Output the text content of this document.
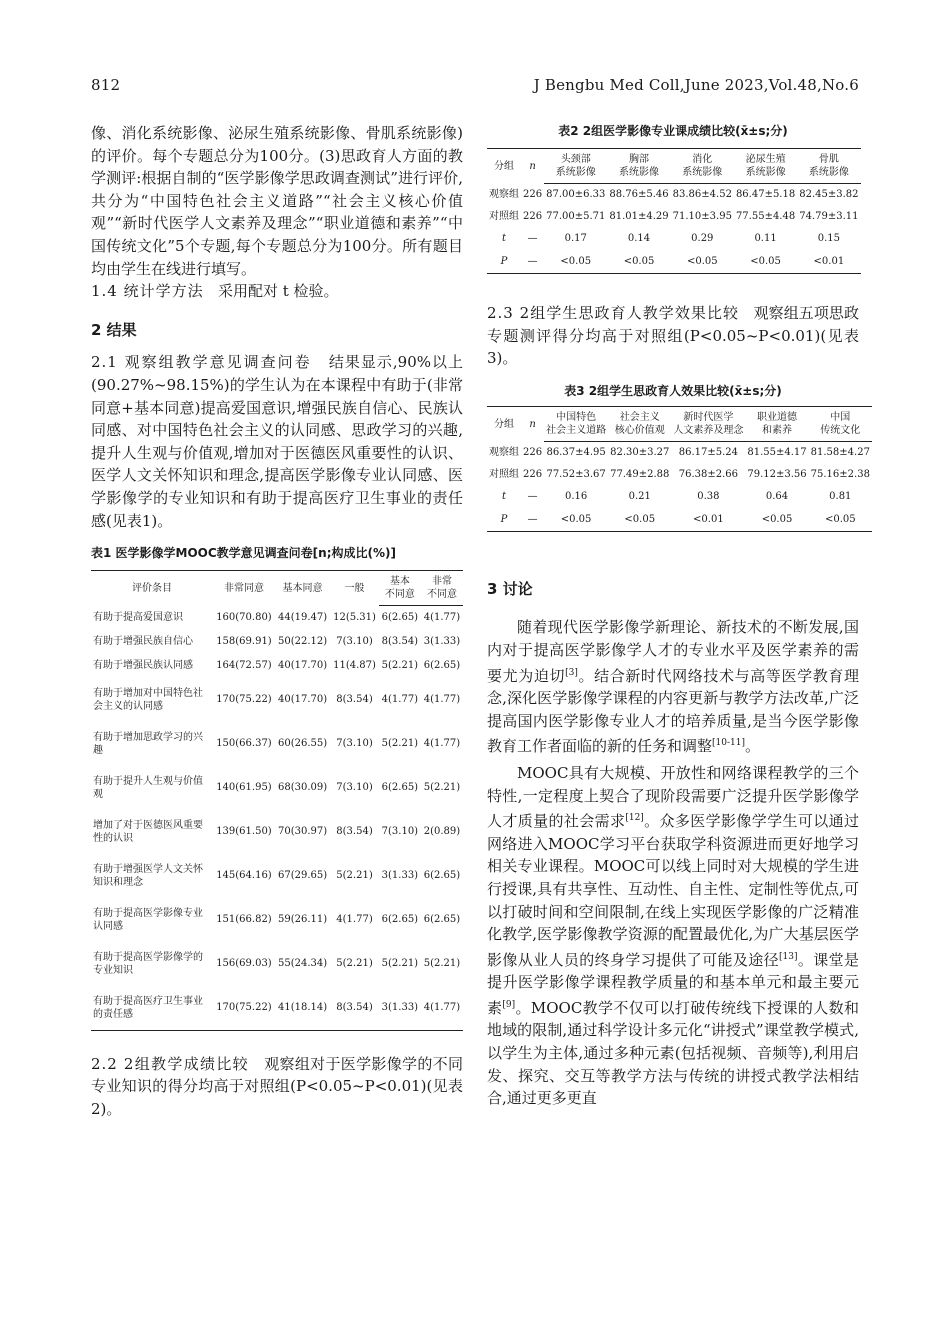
812	J Bengbu Med Coll,June 2023,Vol.48,No.6

像、消化系统影像、泌尿生殖系统影像、骨肌系统影像)的评价。每个专题总分为100分。(3)思政育人方面的教学测评:根据自制的“医学影像学思政调查测试”进行评价,共分为“中国特色社会主义道路”“社会主义核心价值观”“新时代医学人文素养及理念”“职业道德和素养”“中国传统文化”5个专题,每个专题总分为100分。所有题目均由学生在线进行填写。

1.4 统计学方法 采用配对 t 检验。

2 结果

2.1 观察组教学意见调查问卷 结果显示,90%以上(90.27%~98.15%)的学生认为在本课程中有助于(非常同意+基本同意)提高爱国意识,增强民族自信心、民族认同感、对中国特色社会主义的认同感、思政学习的兴趣,提升人生观与价值观,增加对于医德医风重要性的认识、医学人文关怀知识和理念,提高医学影像专业认同感、医学影像学的专业知识和有助于提高医疗卫生事业的责任感(见表1)。

表1 医学影像学MOOC教学意见调查问卷[n;构成比(%)]

评价条目	非常同意	基本同意	一般	基本	非常
				不同意	不同意
有助于提高爱国意识	160(70.80)	44(19.47)	12(5.31)	6(2.65)	4(1.77)
有助于增强民族自信心	158(69.91)	50(22.12)	7(3.10)	8(3.54)	3(1.33)
有助于增强民族认同感	164(72.57)	40(17.70)	11(4.87)	5(2.21)	6(2.65)
有助于增加对中国特色社会主义的认同感	170(75.22)	40(17.70)	8(3.54)	4(1.77)	4(1.77)
有助于增加思政学习的兴趣	150(66.37)	60(26.55)	7(3.10)	5(2.21)	4(1.77)
有助于提升人生观与价值观	140(61.95)	68(30.09)	7(3.10)	6(2.65)	5(2.21)
增加了对于医德医风重要性的认识	139(61.50)	70(30.97)	8(3.54)	7(3.10)	2(0.89)
有助于增强医学人文关怀知识和理念	145(64.16)	67(29.65)	5(2.21)	3(1.33)	6(2.65)
有助于提高医学影像专业认同感	151(66.82)	59(26.11)	4(1.77)	6(2.65)	6(2.65)
有助于提高医学影像学的专业知识	156(69.03)	55(24.34)	5(2.21)	5(2.21)	5(2.21)
有助于提高医疗卫生事业的责任感	170(75.22)	41(18.14)	8(3.54)	3(1.33)	4(1.77)

2.2 2组教学成绩比较 观察组对于医学影像学的不同专业知识的得分均高于对照组(P<0.05~P<0.01)(见表2)。

表2 2组医学影像专业课成绩比较(x̄±s;分)

分组	n	头颈部	胸部	消化	泌尿生殖	骨肌
		系统影像	系统影像	系统影像	系统影像	系统影像
观察组	226	87.00±6.33	88.76±5.46	83.86±4.52	86.47±5.18	82.45±3.82
对照组	226	77.00±5.71	81.01±4.29	71.10±3.95	77.55±4.48	74.79±3.11
t	—	0.17	0.14	0.29	0.11	0.15
P	—	<0.05	<0.05	<0.05	<0.05	<0.01

2.3 2组学生思政育人教学效果比较 观察组五项思政专题测评得分均高于对照组(P<0.05~P<0.01)(见表3)。

表3 2组学生思政育人效果比较(x̄±s;分)

分组	n	中国特色	社会主义	新时代医学	职业道德	中国
		社会主义道路	核心价值观	人文素养及理念	和素养	传统文化
观察组	226	86.37±4.95	82.30±3.27	86.17±5.24	81.55±4.17	81.58±4.27
对照组	226	77.52±3.67	77.49±2.88	76.38±2.66	79.12±3.56	75.16±2.38
t	—	0.16	0.21	0.38	0.64	0.81
P	—	<0.05	<0.05	<0.01	<0.05	<0.05

3 讨论

随着现代医学影像学新理论、新技术的不断发展,国内对于提高医学影像学人才的专业水平及医学素养的需要尤为迫切[3]。结合新时代网络技术与高等医学教育理念,深化医学影像学课程的内容更新与教学方法改革,广泛提高国内医学影像专业人才的培养质量,是当今医学影像教育工作者面临的新的任务和调整[10-11]。

MOOC具有大规模、开放性和网络课程教学的三个特性,一定程度上契合了现阶段需要广泛提升医学影像学人才质量的社会需求[12]。众多医学影像学学生可以通过网络进入MOOC学习平台获取学科资源进而更好地学习相关专业课程。MOOC可以线上同时对大规模的学生进行授课,具有共享性、互动性、自主性、定制性等优点,可以打破时间和空间限制,在线上实现医学影像的广泛精准化教学,医学影像教学资源的配置最优化,为广大基层医学影像从业人员的终身学习提供了可能及途径[13]。课堂是提升医学影像学课程教学质量的和基本单元和最主要元素[9]。MOOC教学不仅可以打破传统线下授课的人数和地域的限制,通过科学设计多元化“讲授式”课堂教学模式,以学生为主体,通过多种元素(包括视频、音频等),利用启发、探究、交互等教学方法与传统的讲授式教学法相结合,通过更多更直
